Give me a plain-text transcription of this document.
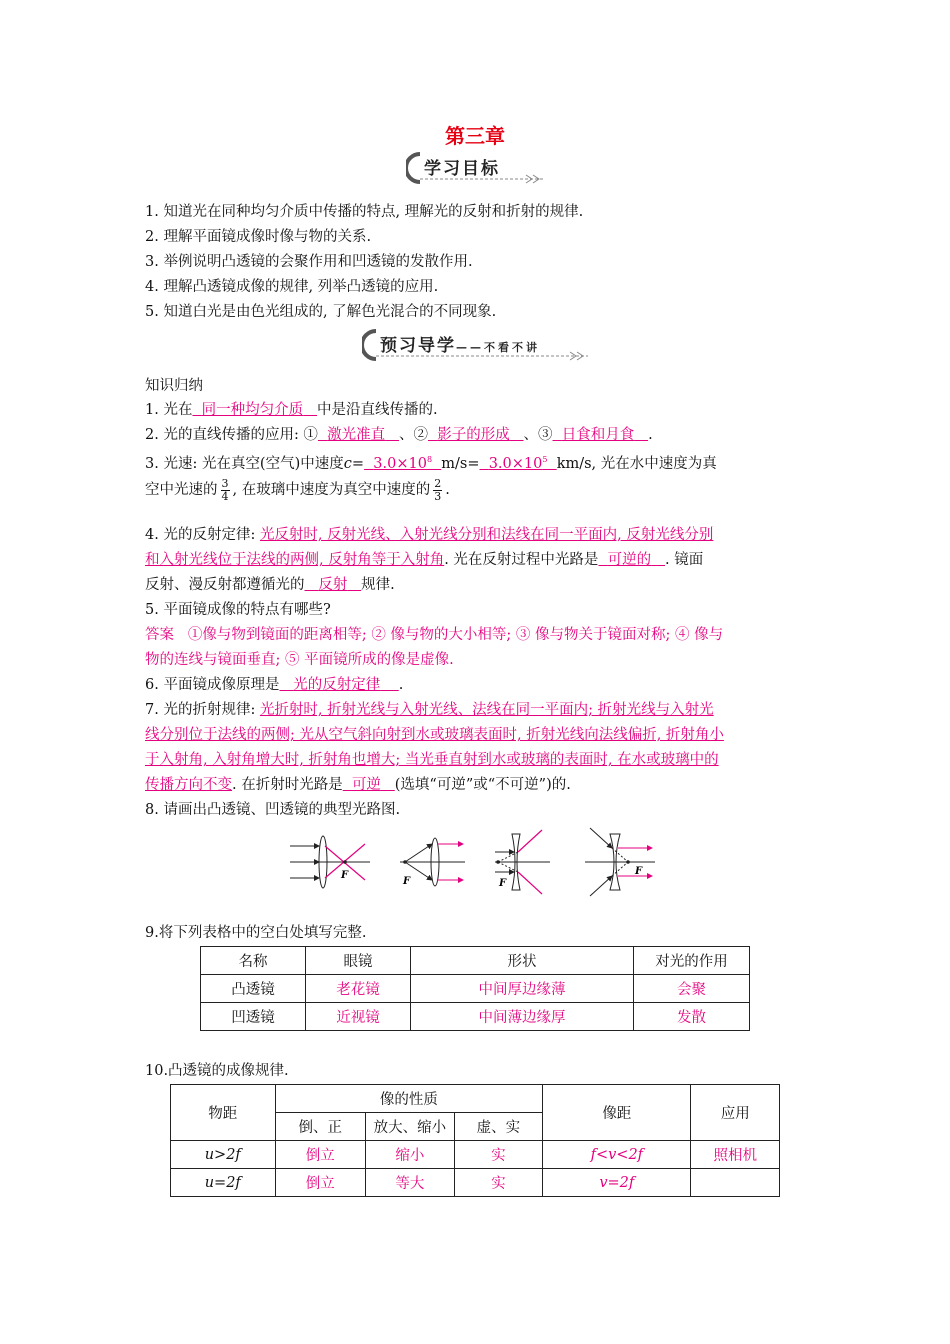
第三章
学习目标
1. 知道光在同种均匀介质中传播的特点, 理解光的反射和折射的规律.
2. 理解平面镜成像时像与物的关系.
3. 举例说明凸透镜的会聚作用和凹透镜的发散作用.
4. 理解凸透镜成像的规律, 列举凸透镜的应用.
5. 知道白光是由色光组成的, 了解色光混合的不同现象.
预习导学——不看不讲
知识归纳
1. 光在 同一种均匀介质 中是沿直线传播的.
2. 光的直线传播的应用: ① 激光准直 、② 影子的形成 、③ 日食和月食 .
3. 光速: 光在真空(空气)中速度$c= 3.0\times 10^8$ $m/s= 3.0\times 10^5$ km/s, 光在水中速度为真
空中光速的 $\frac{3}{4}$ , 在玻璃中速度为真空中速度的 $\frac{2}{3}$ .
4. 光的反射定律: 光反射时, 反射光线、入射光线分别和法线在同一平面内, 反射光线分别
和入射光线位于法线的两侧, 反射角等于入射角. 光在反射过程中光路是 可逆的 . 镜面
反射、漫反射都遵循光的 反射 规律.
5. 平面镜成像的特点有哪些?
答案 ①像与物到镜面的距离相等; ② 像与物的大小相等; ③ 像与物关于镜面对称; ④ 像与
物的连线与镜面垂直; ⑤ 平面镜所成的像是虚像.
6. 平面镜成像原理是 光的反射定律 .
7. 光的折射规律: 光折射时, 折射光线与入射光线、法线在同一平面内; 折射光线与入射光
线分别位于法线的两侧; 光从空气斜向射到水或玻璃表面时, 折射光线向法线偏折, 折射角小
于入射角, 入射角增大时, 折射角也增大; 当光垂直射到水或玻璃的表面时, 在水或玻璃中的
传播方向不变. 在折射时光路是 可逆 (选填“可逆”或“不可逆”)的.
8. 请画出凸透镜、凹透镜的典型光路图.
F
F	F
F
9.将下列表格中的空白处填写完整.
名称	眼镜	形状	对光的作用
凸透镜	老花镜	中间厚边缘薄	会聚
凹透镜	近视镜	中间薄边缘厚	发散
10.凸透镜的成像规律.
物距	像的性质			像距	应用
	倒、正	放大、缩小	虚、实		
u>2f	倒立	缩小	实	f<v<2f	照相机
u=2f	倒立	等大	实	v=2f	
